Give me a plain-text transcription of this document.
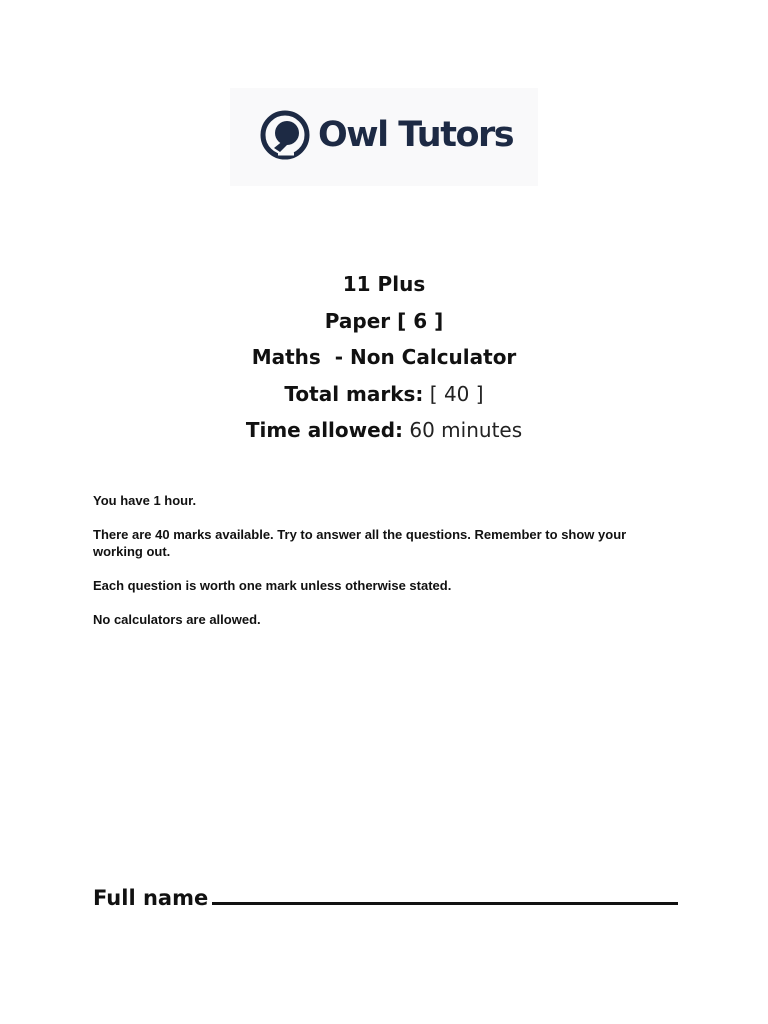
Owl Tutors
11 Plus
Paper [ 6 ]
Maths  - Non Calculator
Total marks: [ 40 ]
Time allowed: 60 minutes

You have 1 hour.

There are 40 marks available. Try to answer all the questions. Remember to show your working out.

Each question is worth one mark unless otherwise stated.

No calculators are allowed.

Full name
